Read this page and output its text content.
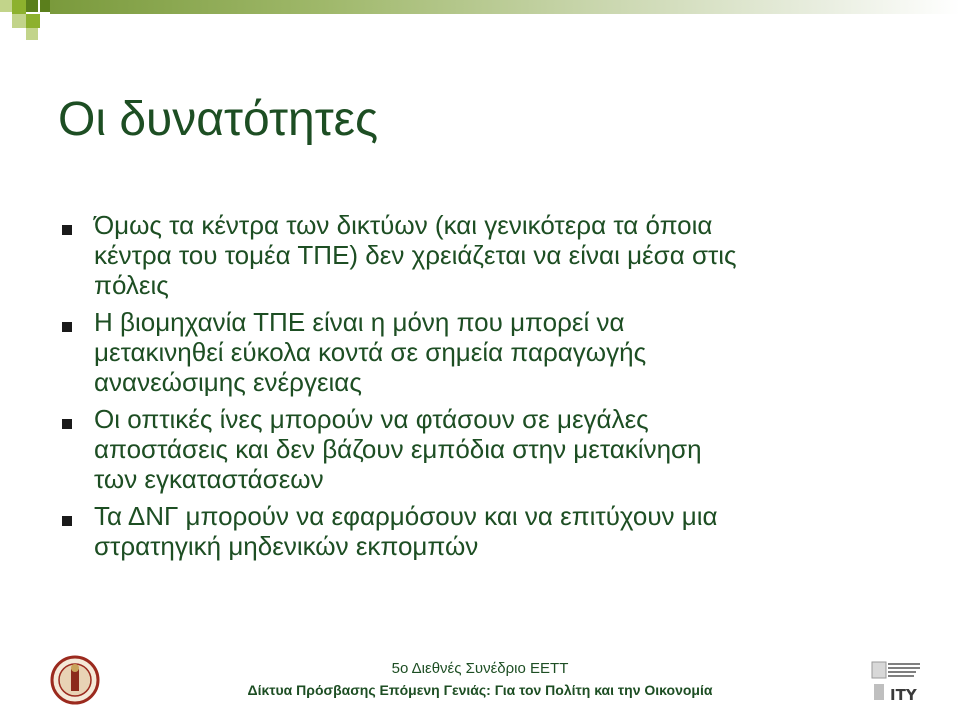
Οι δυνατότητες
Όμως τα κέντρα των δικτύων (και γενικότερα τα όποια
κέντρα του τομέα ΤΠΕ) δεν χρειάζεται να είναι μέσα στις
πόλεις
Η βιομηχανία ΤΠΕ είναι η μόνη που μπορεί να
μετακινηθεί εύκολα κοντά σε σημεία παραγωγής
ανανεώσιμης ενέργειας
Οι οπτικές ίνες μπορούν να φτάσουν σε μεγάλες
αποστάσεις και δεν βάζουν εμπόδια στην μετακίνηση
των εγκαταστάσεων
Τα ΔΝΓ μπορούν να εφαρμόσουν και να επιτύχουν μια
στρατηγική μηδενικών εκπομπών
5ο Διεθνές Συνέδριο ΕΕΤΤ
Δίκτυα Πρόσβασης Επόμενη Γενιάς: Για τον Πολίτη και την Οικονομία	ΙΤΥ
